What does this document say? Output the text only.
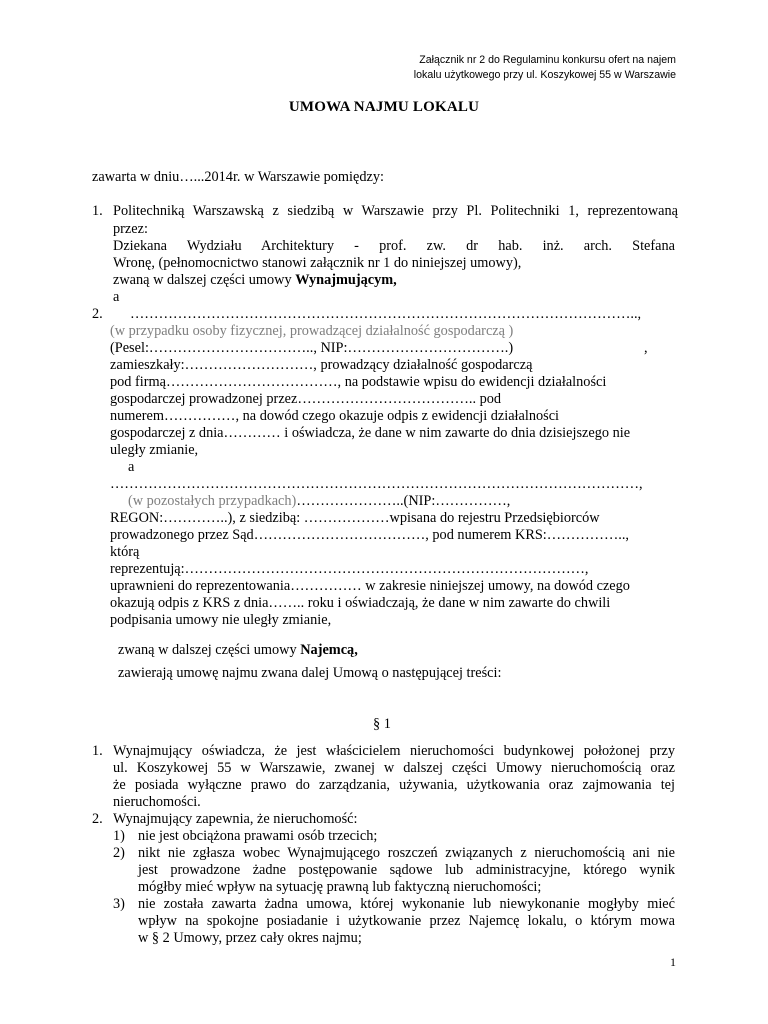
Załącznik nr 2 do Regulaminu konkursu ofert na najem
lokalu użytkowego przy ul. Koszykowej 55 w Warszawie
UMOWA NAJMU LOKALU
zawarta w dniu…...2014r. w Warszawie pomiędzy:
1. Politechniką Warszawską z siedzibą w Warszawie przy Pl. Politechniki 1, reprezentowaną
przez:
Dziekana Wydziału Architektury - prof. zw. dr hab. inż. arch. Stefana
Wronę, (pełnomocnictwo stanowi załącznik nr 1 do niniejszej umowy),
zwaną w dalszej części umowy Wynajmującym,
a
2. ……………………………………………………………………………………………..,
(w przypadku osoby fizycznej, prowadzącej działalność gospodarczą )
(Pesel:…………………………….., NIP:…………………………….)	,
zamieszkały:………………………, prowadzący działalność gospodarczą
pod firmą………………………………, na podstawie wpisu do ewidencji działalności
gospodarczej prowadzonej przez……………………………….. pod
numerem……………, na dowód czego okazuje odpis z ewidencji działalności
gospodarczej z dnia………… i oświadcza, że dane w nim zawarte do dnia dzisiejszego nie
uległy zmianie,
a
…………………………………………………………………………………………………,
(w pozostałych przypadkach)…………………..(NIP:……………,
REGON:…………..), z siedzibą: ………………wpisana do rejestru Przedsiębiorców
prowadzonego przez Sąd………………………………, pod numerem KRS:……………..,
którą
reprezentują:…………………………………………………………………………,
uprawnieni do reprezentowania…………… w zakresie niniejszej umowy, na dowód czego
okazują odpis z KRS z dnia…….. roku i oświadczają, że dane w nim zawarte do chwili
podpisania umowy nie uległy zmianie,
zwaną w dalszej części umowy Najemcą,
zawierają umowę najmu zwana dalej Umową o następującej treści:
§ 1
1. Wynajmujący oświadcza, że jest właścicielem nieruchomości budynkowej położonej przy
ul. Koszykowej 55 w Warszawie, zwanej w dalszej części Umowy nieruchomością oraz
że posiada wyłączne prawo do zarządzania, używania, użytkowania oraz zajmowania tej
nieruchomości.
2. Wynajmujący zapewnia, że nieruchomość:
1) nie jest obciążona prawami osób trzecich;
2) nikt nie zgłasza wobec Wynajmującego roszczeń związanych z nieruchomością ani nie
jest prowadzone żadne postępowanie sądowe lub administracyjne, którego wynik
mógłby mieć wpływ na sytuację prawną lub faktyczną nieruchomości;
3) nie została zawarta żadna umowa, której wykonanie lub niewykonanie mogłyby mieć
wpływ na spokojne posiadanie i użytkowanie przez Najemcę lokalu, o którym mowa
w § 2 Umowy, przez cały okres najmu;
1
